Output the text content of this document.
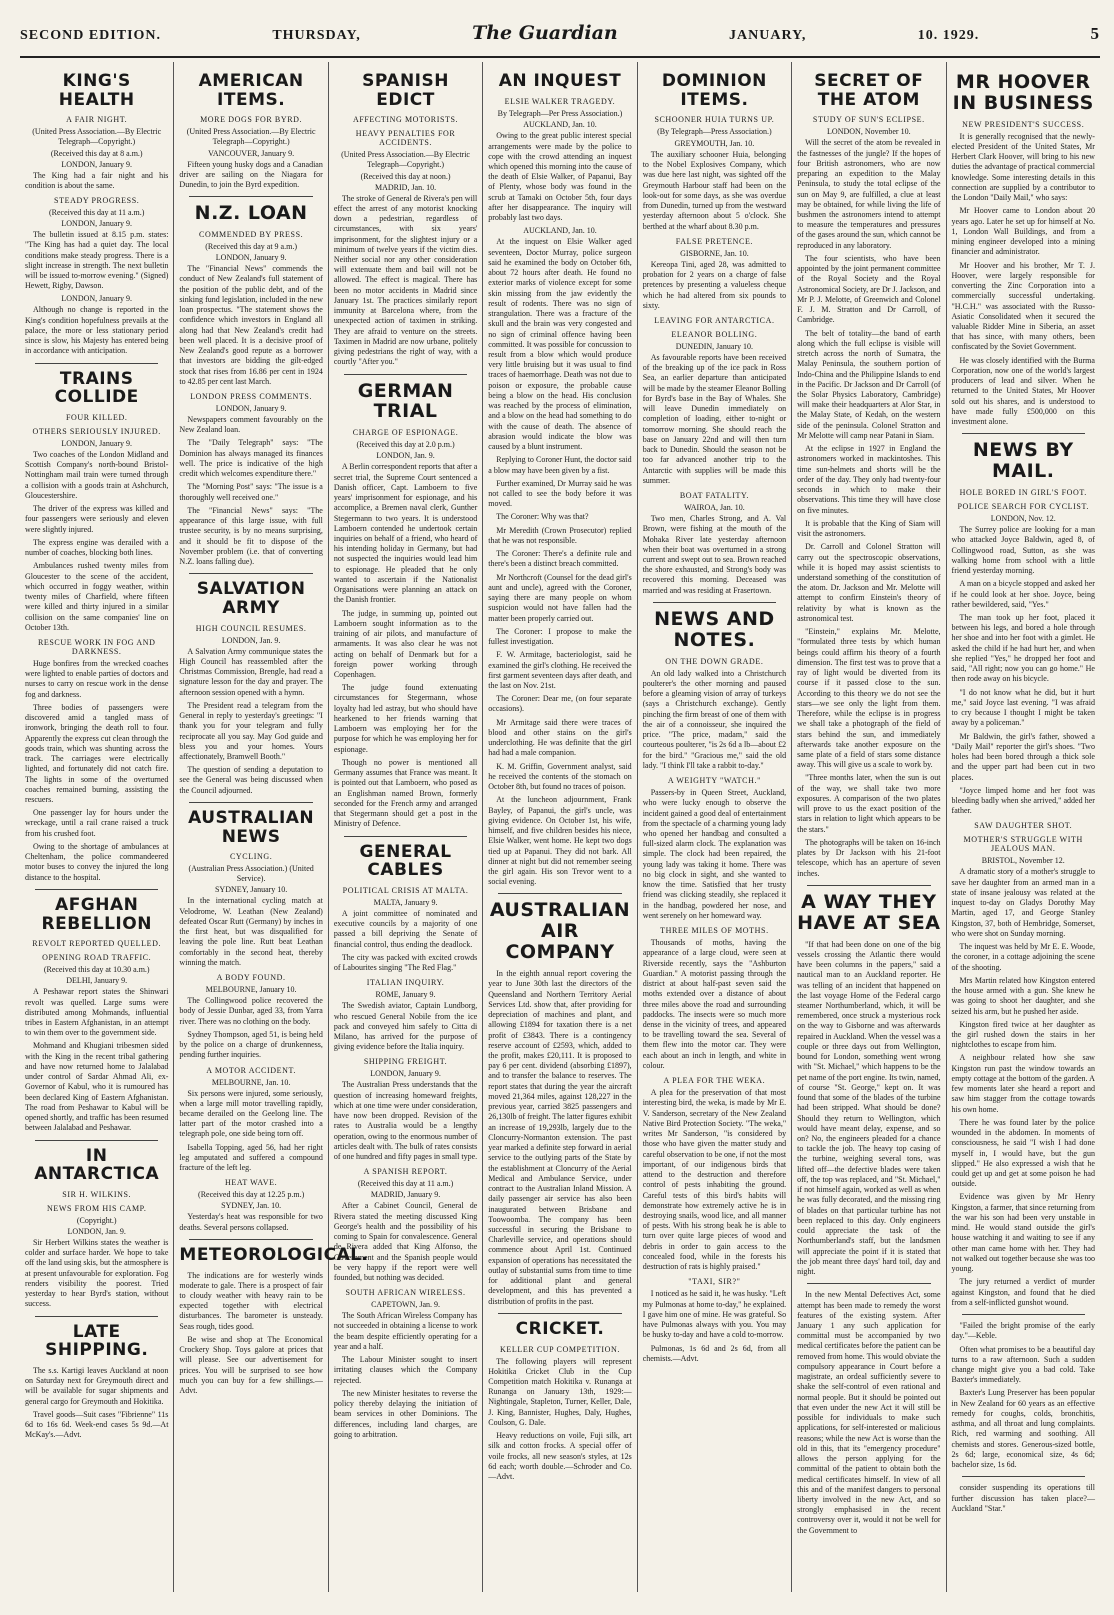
SECOND EDITION.	THURSDAY,	The Guardian	JANUARY,	10. 1929.	5
KING'S HEALTH
A FAIR NIGHT.
(United Press Association.—By Electric Telegraph—Copyright.)
(Received this day at 8 a.m.)
LONDON, January 9.

The King had a fair night and his condition is about the same.

STEADY PROGRESS.
(Received this day at 11 a.m.)
LONDON, January 9.

The bulletin issued at 8.15 p.m. states: "The King has had a quiet day. The local conditions make steady progress. There is a slight increase in strength. The next bulletin will be issued to-morrow evening." (Signed) Hewett, Rigby, Dawson.

LONDON, January 9.

Although no change is reported in the King's condition hopefulness prevails at the palace, the more or less stationary period since is slow, his Majesty has entered being in accordance with anticipation.

TRAINS COLLIDE
FOUR KILLED.
OTHERS SERIOUSLY INJURED.
LONDON, January 9.

Two coaches of the London Midland and Scottish Company's north-bound Bristol-Nottingham mail train were turned through a collision with a goods train at Ashchurch, Gloucestershire.

The driver of the express was killed and four passengers were seriously and eleven were slightly injured.

The express engine was derailed with a number of coaches, blocking both lines.

Ambulances rushed twenty miles from Gloucester to the scene of the accident, which occurred in foggy weather, within twenty miles of Charfield, where fifteen were killed and thirty injured in a similar collision on the same companies' line on October 13th.

RESCUE WORK IN FOG AND DARKNESS.

Huge bonfires from the wrecked coaches were lighted to enable parties of doctors and nurses to carry on rescue work in the dense fog and darkness.

Three bodies of passengers were discovered amid a tangled mass of ironwork, bringing the death roll to four. Apparently the express cut clean through the goods train, which was shunting across the track. The carriages were electrically lighted, and fortunately did not catch fire. The lights in some of the overturned coaches remained burning, assisting the rescuers.

One passenger lay for hours under the wreckage, until a rail crane raised a truck from his crushed foot.

Owing to the shortage of ambulances at Cheltenham, the police commandeered motor buses to convey the injured the long distance to the hospital.

AFGHAN REBELLION
REVOLT REPORTED QUELLED.
OPENING ROAD TRAFFIC.
(Received this day at 10.30 a.m.)
DELHI, January 9.

A Peshawar report states the Shinwari revolt was quelled. Large sums were distributed among Mohmands, influential tribes in Eastern Afghanistan, in an attempt to win them over to the government side.

Mohmand and Khugiani tribesmen sided with the King in the recent tribal gathering and have now returned home to Jalalabad under control of Sardar Ahmad Ali, ex-Governor of Kabul, who it is rumoured has been declared King of Eastern Afghanistan. The road from Peshawar to Kabul will be opened shortly, and traffic has been resumed between Jalalabad and Peshawar.

IN ANTARCTICA
SIR H. WILKINS.
NEWS FROM HIS CAMP.
(Copyright.)
LONDON, Jan. 9.

Sir Herbert Wilkins states the weather is colder and surface harder. We hope to take off the land using skis, but the atmosphere is at present unfavourable for exploration. Fog renders visibility the poorest. Tried yesterday to hear Byrd's station, without success.

LATE SHIPPING.

The s.s. Kartigi leaves Auckland at noon on Saturday next for Greymouth direct and will be available for sugar shipments and general cargo for Greymouth and Hokitika.

Travel goods—Suit cases "Fibrienne" 11s 6d to 16s 6d. Week-end cases 5s 9d.—At McKay's.—Advt.

AMERICAN ITEMS.
MORE DOGS FOR BYRD.
(United Press Association.—By Electric Telegraph—Copyright.)
VANCOUVER, January 9.

Fifteen young husky dogs and a Canadian driver are sailing on the Niagara for Dunedin, to join the Byrd expedition.

N.Z. LOAN
COMMENDED BY PRESS.
(Received this day at 9 a.m.)
LONDON, January 9.

The "Financial News" commends the conduct of New Zealand's full statement of the position of the public debt, and of the sinking fund legislation, included in the new loan prospectus. "The statement shows the confidence which investors in England all along had that New Zealand's credit had been well placed. It is a decisive proof of New Zealand's good repute as a borrower that investors are bidding the gilt-edged stock that rises from 16.86 per cent in 1924 to 42.85 per cent last March.

LONDON PRESS COMMENTS.
LONDON, January 9.

Newspapers comment favourably on the New Zealand loan.

The "Daily Telegraph" says: "The Dominion has always managed its finances well. The price is indicative of the high credit which welcomes expenditure there."

The "Morning Post" says: "The issue is a thoroughly well received one."

The "Financial News" says: "The appearance of this large issue, with full trustee security, is by no means surprising, and it should be fit to dispose of the November problem (i.e. that of converting N.Z. loans falling due).

SALVATION ARMY
HIGH COUNCIL RESUMES.
LONDON, Jan. 9.

A Salvation Army communique states the High Council has reassembled after the Christmas Commission, Brengle, had read a signature lesson for the day and prayer. The afternoon session opened with a hymn.

The President read a telegram from the General in reply to yesterday's greetings: "I thank you for your telegram and fully reciprocate all you say. May God guide and bless you and your homes. Yours affectionately, Bramwell Booth."

The question of sending a deputation to see the General was being discussed when the Council adjourned.

AUSTRALIAN NEWS
CYCLING.
(Australian Press Association.) (United Service).
SYDNEY, January 10.

In the international cycling match at Velodrome, W. Leathan (New Zealand) defeated Oscar Rutt (Germany) by inches in the first heat, but was disqualified for leaving the pole line. Rutt beat Leathan comfortably in the second heat, thereby winning the match.

A BODY FOUND.
MELBOURNE, January 10.

The Collingwood police recovered the body of Jessie Dunbar, aged 33, from Yarra river. There was no clothing on the body.

Sydney Thompson, aged 51, is being held by the police on a charge of drunkenness, pending further inquiries.

A MOTOR ACCIDENT.
MELBOURNE, Jan. 10.

Six persons were injured, some seriously, when a large mill motor travelling rapidly, became derailed on the Geelong line. The latter part of the motor crashed into a telegraph pole, one side being torn off.

Isabella Topping, aged 56, had her right leg amputated and suffered a compound fracture of the left leg.

HEAT WAVE.
(Received this day at 12.25 p.m.)
SYDNEY, Jan. 10.

Yesterday's heat was responsible for two deaths. Several persons collapsed.

METEOROLOGICAL.

The indications are for westerly winds moderate to gale. There is a prospect of fair to cloudy weather with heavy rain to be expected together with electrical disturbances. The barometer is unsteady. Seas rough, tides good.

Be wise and shop at The Economical Crockery Shop. Toys galore at prices that will please. See our advertisement for prices. You will be surprised to see how much you can buy for a few shillings.—Advt.

SPANISH EDICT
AFFECTING MOTORISTS.
HEAVY PENALTIES FOR ACCIDENTS.
(United Press Association.—By Electric Telegraph—Copyright.)
(Received this day at noon.)
MADRID, Jan. 10.

The stroke of General de Rivera's pen will effect the arrest of any motorist knocking down a pedestrian, regardless of circumstances, with six years' imprisonment, for the slightest injury or a minimum of twelve years if the victim dies. Neither social nor any other consideration will extenuate them and bail will not be allowed. The effect is magical. There has been no motor accidents in Madrid since January 1st. The practices similarly report immunity at Barcelona where, from the unexpected action of taximen in striking. They are afraid to venture on the streets. Taximen in Madrid are now urbane, politely giving pedestrians the right of way, with a courtly "After you."

GERMAN TRIAL
CHARGE OF ESPIONAGE.
(Received this day at 2.0 p.m.)
LONDON, Jan. 9.

A Berlin correspondent reports that after a secret trial, the Supreme Court sentenced a Danish officer, Capt. Lamboern to five years' imprisonment for espionage, and his accomplice, a Bremen naval clerk, Gunther Stegermann to two years. It is understood Lamboern contended he undertook certain inquiries on behalf of a friend, who heard of his intending holiday in Germany, but had not suspected the inquiries would lead him to espionage. He pleaded that he only wanted to ascertain if the Nationalist Organisations were planning an attack on the Danish frontier.

The judge, in summing up, pointed out Lamboern sought information as to the training of air pilots, and manufacture of armaments. It was also clear he was not acting on behalf of Denmark but for a foreign power working through Copenhagen.

The judge found extenuating circumstances for Stegermann, whose loyalty had led astray, but who should have hearkened to her friends warning that Lamboern was employing her for the purpose for which he was employing her for espionage.

Though no power is mentioned all Germany assumes that France was meant. It is pointed out that Lamboern, who posed as an Englishman named Brown, formerly seconded for the French army and arranged that Stegermann should get a post in the Ministry of Defence.

GENERAL CABLES
POLITICAL CRISIS AT MALTA.
MALTA, January 9.

A joint committee of nominated and executive councils by a majority of one passed a bill depriving the Senate of financial control, thus ending the deadlock.

The city was packed with excited crowds of Labourites singing "The Red Flag."

ITALIAN INQUIRY.
ROME, January 9.

The Swedish aviator, Captain Lundborg, who rescued General Nobile from the ice pack and conveyed him safely to Citta di Milano, has arrived for the purpose of giving evidence before the Italia inquiry.

SHIPPING FREIGHT.
LONDON, January 9.

The Australian Press understands that the question of increasing homeward freights, which at one time were under consideration, have now been dropped. Revision of the rates to Australia would be a lengthy operation, owing to the enormous number of articles dealt with. The bulk of rates consists of one hundred and fifty pages in small type.

A SPANISH REPORT.
(Received this day at 11 a.m.)
MADRID, January 9.

After a Cabinet Council, General de Rivera stated the meeting discussed King George's health and the possibility of his coming to Spain for convalescence. General de Rivera added that King Alfonso, the Government and the Spanish people would be very happy if the report were well founded, but nothing was decided.

SOUTH AFRICAN WIRELESS.
CAPETOWN, Jan. 9.

The South African Wireless Company has not succeeded in obtaining a license to work the beam despite efficiently operating for a year and a half.

The Labour Minister sought to insert irritating clauses which the Company rejected.

The new Minister hesitates to reverse the policy thereby delaying the initiation of beam services in other Dominions. The differences, including land charges, are going to arbitration.

AN INQUEST
ELSIE WALKER TRAGEDY.
By Telegraph—Per Press Association.)
AUCKLAND, Jan. 10.

Owing to the great public interest special arrangements were made by the police to cope with the crowd attending an inquest which opened this morning into the cause of the death of Elsie Walker, of Papanui, Bay of Plenty, whose body was found in the scrub at Tamaki on October 5th, four days after her disappearance. The inquiry will probably last two days.

AUCKLAND, Jan. 10.

At the inquest on Elsie Walker aged seventeen, Doctor Murray, police surgeon said he examined the body on October 6th, about 72 hours after death. He found no exterior marks of violence except for some skin missing from the jaw evidently the result of rodents. There was no sign of strangulation. There was a fracture of the skull and the brain was very congested and no sign of criminal offence having been committed. It was possible for concussion to result from a blow which would produce very little bruising but it was usual to find traces of haemorrhage. Death was not due to poison or exposure, the probable cause being a blow on the head. His conclusion was reached by the process of elimination, and a blow on the head had something to do with the cause of death. The absence of abrasion would indicate the blow was caused by a blunt instrument.

Replying to Coroner Hunt, the doctor said a blow may have been given by a fist.

Further examined, Dr Murray said he was not called to see the body before it was moved.

The Coroner: Why was that?

Mr Meredith (Crown Prosecutor) replied that he was not responsible.

The Coroner: There's a definite rule and there's been a distinct breach committed.

Mr Northcroft (Counsel for the dead girl's aunt and uncle), agreed with the Coroner, saying there are many people on whom suspicion would not have fallen had the matter been properly carried out.

The Coroner: I propose to make the fullest investigation.

F. W. Armitage, bacteriologist, said he examined the girl's clothing. He received the first garment seventeen days after death, and the last on Nov. 21st.

The Coroner: Dear me, (on four separate occasions).

Mr Armitage said there were traces of blood and other stains on the girl's underclothing. He was definite that the girl had had a male companion.

K. M. Griffin, Government analyst, said he received the contents of the stomach on October 8th, but found no traces of poison.

At the luncheon adjournment, Frank Bayley, of Papanui, the girl's uncle, was giving evidence. On October 1st, his wife, himself, and five children besides his niece, Elsie Walker, went home. He kept two dogs tied up at Papanui. They did not bark. All dinner at night but did not remember seeing the girl again. His son Trevor went to a social evening.

AUSTRALIAN AIR COMPANY

In the eighth annual report covering the year to June 30th last the directors of the Queensland and Northern Territory Aerial Services Ltd. show that, after providing for depreciation of machines and plant, and allowing £1894 for taxation there is a net profit of £3843. There is a contingency reserve account of £2593, which, added to the profit, makes £20,111. It is proposed to pay 6 per cent. dividend (absorbing £1897), and to transfer the balance to reserves. The report states that during the year the aircraft moved 21,364 miles, against 128,227 in the previous year, carried 3825 passengers and 26,130lb of freight. The latter figures exhibit an increase of 19,293lb, largely due to the Cloncurry-Normanton extension. The past year marked a definite step forward in aerial service to the outlying parts of the State by the establishment at Cloncurry of the Aerial Medical and Ambulance Service, under contract to the Australian Inland Mission. A daily passenger air service has also been inaugurated between Brisbane and Toowoomba. The company has been successful in securing the Brisbane to Charleville service, and operations should commence about April 1st. Continued expansion of operations has necessitated the outlay of substantial sums from time to time for additional plant and general development, and this has prevented a distribution of profits in the past.

CRICKET.
KELLER CUP COMPETITION.

The following players will represent Hokitika Cricket Club in the Cup Competition match Hokitika v. Runanga at Runanga on January 13th, 1929:—Nightingale, Stapleton, Turner, Keller, Dale, J. King, Bannister, Hughes, Daly, Hughes, Coulson, G. Dale.

Heavy reductions on voile, Fuji silk, art silk and cotton frocks. A special offer of voile frocks, all new season's styles, at 12s 6d each; worth double.—Schroder and Co.—Advt.

DOMINION ITEMS.
SCHOONER HUIA TURNS UP.
(By Telegraph—Press Association.)
GREYMOUTH, Jan. 10.

The auxiliary schooner Huia, belonging to the Nobel Explosives Company, which was due here last night, was sighted off the Greymouth Harbour staff had been on the look-out for some days, as she was overdue from Dunedin, turned up from the westward yesterday afternoon about 5 o'clock. She berthed at the wharf about 8.30 p.m.

FALSE PRETENCE.
GISBORNE, Jan. 10.

Kereopa Tini, aged 28, was admitted to probation for 2 years on a charge of false pretences by presenting a valueless cheque which he had altered from six pounds to sixty.

LEAVING FOR ANTARCTICA.
ELEANOR BOLLING.
DUNEDIN, January 10.

As favourable reports have been received of the breaking up of the ice pack in Ross Sea, an earlier departure than anticipated will be made by the steamer Eleanor Bolling for Byrd's base in the Bay of Whales. She will leave Dunedin immediately on completion of loading, either to-night or tomorrow morning. She should reach the base on January 22nd and will then turn back to Dunedin. Should the season not be too far advanced another trip to the Antarctic with supplies will be made this summer.

BOAT FATALITY.
WAIROA, Jan. 10.

Two men, Charles Strong, and A. Val Brown, were fishing at the mouth of the Mohaka River late yesterday afternoon when their boat was overturned in a strong current and swept out to sea. Brown reached the shore exhausted, and Strong's body was recovered this morning. Deceased was married and was residing at Frasertown.

NEWS AND NOTES.
ON THE DOWN GRADE.

An old lady walked into a Christchurch poulterer's the other morning and paused before a gleaming vision of array of turkeys (says a Christchurch exchange). Gently pinching the firm breast of one of them with the air of a connoisseur, she inquired the price. "The price, madam," said the courteous poulterer, "is 2s 6d a lb—about £2 for the bird." "Gracious me," said the old lady. "I think I'll take a rabbit to-day."

A WEIGHTY "WATCH."

Passers-by in Queen Street, Auckland, who were lucky enough to observe the incident gained a good deal of entertainment from the spectacle of a charming young lady who opened her handbag and consulted a full-sized alarm clock. The explanation was simple. The clock had been repaired, the young lady was taking it home. There was no big clock in sight, and she wanted to know the time. Satisfied that her trusty friend was clicking steadily, she replaced it in the handbag, powdered her nose, and went serenely on her homeward way.

THREE MILES OF MOTHS.

Thousands of moths, having the appearance of a large cloud, were seen at Riverside recently, says the "Ashburton Guardian." A motorist passing through the district at about half-past seven said the moths extended over a distance of about three miles above the road and surrounding paddocks. The insects were so much more dense in the vicinity of trees, and appeared to be travelling toward the sea. Several of them flew into the motor car. They were each about an inch in length, and white in colour.

A PLEA FOR THE WEKA.

A plea for the preservation of that most interesting bird, the weka, is made by Mr E. V. Sanderson, secretary of the New Zealand Native Bird Protection Society. "The weka," writes Mr Sanderson, "is considered by those who have given the matter study and careful observation to be one, if not the most important, of our indigenous birds that attend to the destruction and therefore control of pests inhabiting the ground. Careful tests of this bird's habits will demonstrate how extremely active he is in destroying snails, wood lice, and all manner of pests. With his strong beak he is able to turn over quite large pieces of wood and debris in order to gain access to the concealed food, while in the forests his destruction of rats is highly praised."

"TAXI, SIR?"

I noticed as he said it, he was husky. "Left my Pulmonas at home to-day," he explained. I gave him one of mine. He was grateful. So have Pulmonas always with you. You may be husky to-day and have a cold to-morrow.

Pulmonas, 1s 6d and 2s 6d, from all chemists.—Advt.

SECRET OF THE ATOM
STUDY OF SUN'S ECLIPSE.
LONDON, November 10.

Will the secret of the atom be revealed in the fastnesses of the jungle? If the hopes of four British astronomers, who are now preparing an expedition to the Malay Peninsula, to study the total eclipse of the sun on May 9, are fulfilled, a clue at least may be obtained, for while living the life of bushmen the astronomers intend to attempt to measure the temperatures and pressures of the gases around the sun, which cannot be reproduced in any laboratory.

The four scientists, who have been appointed by the joint permanent committee of the Royal Society and the Royal Astronomical Society, are Dr J. Jackson, and Mr P. J. Melotte, of Greenwich and Colonel F. J. M. Stratton and Dr Carroll, of Cambridge.

The belt of totality—the band of earth along which the full eclipse is visible will stretch across the north of Sumatra, the Malay Peninsula, the southern portion of Indo-China and the Philippine Islands to end in the Pacific. Dr Jackson and Dr Carroll (of the Solar Physics Laboratory, Cambridge) will make their headquarters at Alor Star, in the Malay State, of Kedah, on the western side of the peninsula. Colonel Stratton and Mr Melotte will camp near Patani in Siam.

At the eclipse in 1927 in England the astronomers worked in mackintoshes. This time sun-helmets and shorts will be the order of the day. They only had twenty-four seconds in which to make their observations. This time they will have close on five minutes.

It is probable that the King of Siam will visit the astronomers.

Dr. Carroll and Colonel Stratton will carry out the spectroscopic observations, while it is hoped may assist scientists to understand something of the constitution of the atom. Dr. Jackson and Mr. Melotte will attempt to confirm Einstein's theory of relativity by what is known as the astronomical test.

"Einstein," explains Mr. Melotte, "formulated three tests by which human beings could affirm his theory of a fourth dimension. The first test was to prove that a ray of light would be diverted from its course if it passed close to the sun. According to this theory we do not see the stars—we see only the light from them. Therefore, while the eclipse is in progress we shall take a photograph of the field of stars behind the sun, and immediately afterwards take another exposure on the same plate of a field of stars some distance away. This will give us a scale to work by.

"Three months later, when the sun is out of the way, we shall take two more exposures. A comparison of the two plates will prove to us the exact position of the stars in relation to light which appears to be the stars."

The photographs will be taken on 16-inch plates by Dr Jackson with his 21-foot telescope, which has an aperture of seven inches.

A WAY THEY HAVE AT SEA

"If that had been done on one of the big vessels crossing the Atlantic there would have been columns in the papers," said a nautical man to an Auckland reporter. He was telling of an incident that happened on the last voyage Home of the Federal cargo steamer Northumberland, which, it will be remembered, once struck a mysterious rock on the way to Gisborne and was afterwards repaired in Auckland. When the vessel was a couple or three days out from Wellington, bound for London, something went wrong with "St. Michael," which happens to be the pet name of the port engine. Its twin, named, of course "St. George," kept on. It was found that some of the blades of the turbine had been stripped. What should be done? Should they return to Wellington, which would have meant delay, expense, and so on? No, the engineers pleaded for a chance to tackle the job. The heavy top casing of the turbine, weighing several tons, was lifted off—the defective blades were taken off, the top was replaced, and "St. Michael," if not himself again, worked as well as when he was fully decorated, and the missing ring of blades on that particular turbine has not been replaced to this day. Only engineers could appreciate the task of the Northumberland's staff, but the landsmen will appreciate the point if it is stated that the job meant three days' hard toil, day and night.

In the new Mental Defectives Act, some attempt has been made to remedy the worst features of the existing system. After January 1 any such application for committal must be accompanied by two medical certificates before the patient can be removed from home. This would obviate the compulsory appearance in Court before a magistrate, an ordeal sufficiently severe to shake the self-control of even rational and normal people. But it should be pointed out that even under the new Act it will still be possible for individuals to make such applications, for self-interested or malicious reasons; while the new Act is worse than the old in this, that its "emergency procedure" allows the person applying for the committal of the patient to obtain both the medical certificates himself. In view of all this and of the manifest dangers to personal liberty involved in the new Act, and so strongly emphasised in the recent controversy over it, would it not be well for the Government to

MR HOOVER IN BUSINESS
NEW PRESIDENT'S SUCCESS.

It is generally recognised that the newly-elected President of the United States, Mr Herbert Clark Hoover, will bring to his new duties the advantage of practical commercial knowledge. Some interesting details in this connection are supplied by a contributor to the London "Daily Mail," who says:

Mr Hoover came to London about 20 years ago. Later he set up for himself at No. 1, London Wall Buildings, and from a mining engineer developed into a mining financier and administrator.

Mr Hoover and his brother, Mr T. J. Hoover, were largely responsible for converting the Zinc Corporation into a commercially successful undertaking. "H.C.H." was associated with the Russo-Asiatic Consolidated when it secured the valuable Ridder Mine in Siberia, an asset that has since, with many others, been confiscated by the Soviet Government.

He was closely identified with the Burma Corporation, now one of the world's largest producers of lead and silver. When he returned to the United States, Mr Hoover sold out his shares, and is understood to have made fully £500,000 on this investment alone.

NEWS BY MAIL.
HOLE BORED IN GIRL'S FOOT.
POLICE SEARCH FOR CYCLIST.
LONDON, Nov. 12.

The Surrey police are looking for a man who attacked Joyce Baldwin, aged 8, of Collingwood road, Sutton, as she was walking home from school with a little friend yesterday morning.

A man on a bicycle stopped and asked her if he could look at her shoe. Joyce, being rather bewildered, said, "Yes."

The man took up her foot, placed it between his legs, and bored a hole through her shoe and into her foot with a gimlet. He asked the child if he had hurt her, and when she replied "Yes," he dropped her foot and said, "All right; now you can go home." He then rode away on his bicycle.

"I do not know what he did, but it hurt me," said Joyce last evening. "I was afraid to cry because I thought I might be taken away by a policeman."

Mr Baldwin, the girl's father, showed a "Daily Mail" reporter the girl's shoes. "Two holes had been bored through a thick sole and the upper part had been cut in two places.

"Joyce limped home and her foot was bleeding badly when she arrived," added her father.

SAW DAUGHTER SHOT.
MOTHER'S STRUGGLE WITH JEALOUS MAN.
BRISTOL, November 12.

A dramatic story of a mother's struggle to save her daughter from an armed man in a state of insane jealousy was related at the inquest to-day on Gladys Dorothy May Martin, aged 17, and George Stanley Kingston, 37, both of Hembridge, Somerset, who were shot on Sunday morning.

The inquest was held by Mr E. E. Woode, the coroner, in a cottage adjoining the scene of the shooting.

Mrs Martin related how Kingston entered the house armed with a gun. She knew he was going to shoot her daughter, and she seized his arm, but he pushed her aside.

Kingston fired twice at her daughter as the girl rushed down the stairs in her nightclothes to escape from him.

A neighbour related how she saw Kingston run past the window towards an empty cottage at the bottom of the garden. A few moments later she heard a report and saw him stagger from the cottage towards his own home.

There he was found later by the police wounded in the abdomen. In moments of consciousness, he said "I wish I had done myself in, I would have, but the gun slipped." He also expressed a wish that he could get up and get at some poison he had outside.

Evidence was given by Mr Henry Kingston, a farmer, that since returning from the war his son had been very unstable in mind. He would stand outside the girl's house watching it and waiting to see if any other man came home with her. They had not walked out together because she was too young.

The jury returned a verdict of murder against Kingston, and found that he died from a self-inflicted gunshot wound.

"Failed the bright promise of the early day."—Keble.

Often what promises to be a beautiful day turns to a raw afternoon. Such a sudden change might give you a bad cold. Take Baxter's immediately.

Baxter's Lung Preserver has been popular in New Zealand for 60 years as an effective remedy for coughs, colds, bronchitis, asthma, and all throat and lung complaints. Rich, red warming and soothing. All chemists and stores. Generous-sized bottle, 2s 6d; large, economical size, 4s 6d; bachelor size, 1s 6d.

consider suspending its operations till further discussion has taken place?—Auckland "Star."
